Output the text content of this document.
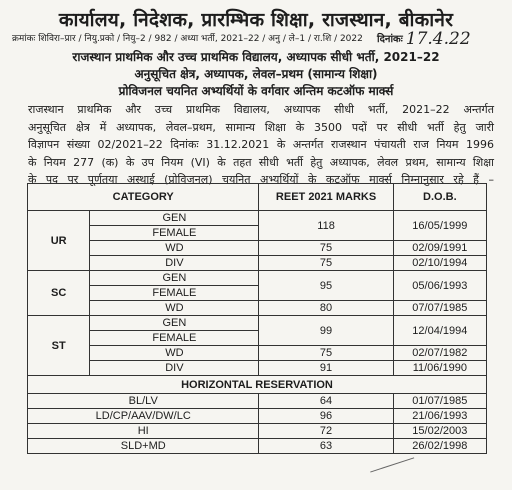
कार्यालय, निदेशक, प्रारम्भिक शिक्षा, राजस्थान, बीकानेर
क्रमांकः शिविरा–प्रार / नियु.प्रको / नियु–2 / 982 / अध्या भर्ती, 2021–22 / अनु / ले–1 / रा.शि / 2022 दिनांकः 17.4.22
राजस्थान प्राथमिक और उच्च प्राथमिक विद्यालय, अध्यापक सीधी भर्ती, 2021–22
अनुसूचित क्षेत्र, अध्यापक, लेवल–प्रथम (सामान्य शिक्षा)
प्रोविजनल चयनित अभ्यर्थियों के वर्गवार अन्तिम कटऑफ मार्क्स
राजस्थान प्राथमिक और उच्च प्राथमिक विद्यालय, अध्यापक सीधी भर्ती, 2021–22 अन्तर्गत
अनुसूचित क्षेत्र में अध्यापक, लेवल–प्रथम, सामान्य शिक्षा के 3500 पदों पर सीधी भर्ती हेतु जारी
विज्ञापन संख्या 02/2021–22 दिनांकः 31.12.2021 के अन्तर्गत राजस्थान पंचायती राज नियम 1996
के नियम 277 (क) के उप नियम (VI) के तहत सीधी भर्ती हेतु अध्यापक, लेवल प्रथम, सामान्य शिक्षा
के पद पर पूर्णतया अस्थाई (प्रोविजनल) चयनित अभ्यर्थियों के कटऑफ मार्क्स निम्नानुसार रहे हैं –
CATEGORY		REET 2021 MARKS	D.O.B.
UR	GEN	118	16/05/1999
	FEMALE		
	WD	75	02/09/1991
	DIV	75	02/10/1994
SC	GEN	95	05/06/1993
	FEMALE		
	WD	80	07/07/1985
ST	GEN	99	12/04/1994
	FEMALE		
	WD	75	02/07/1982
	DIV	91	11/06/1990
HORIZONTAL RESERVATION			
BL/LV		64	01/07/1985
LD/CP/AAV/DW/LC		96	21/06/1993
HI		72	15/02/2003
SLD+MD		63	26/02/1998
